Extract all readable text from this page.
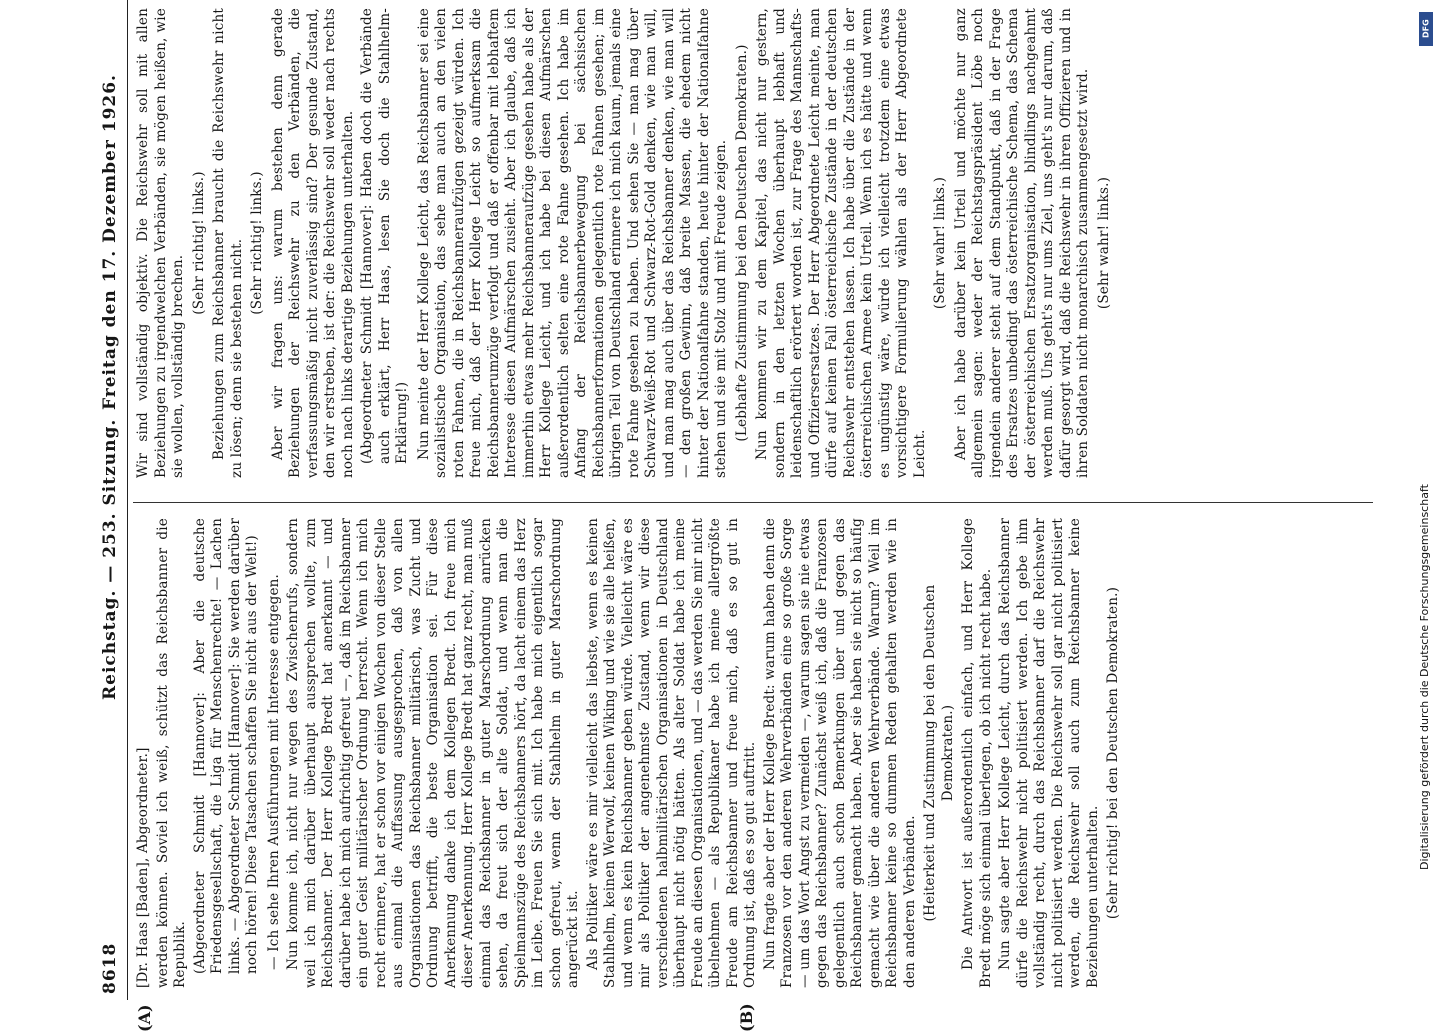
8618
Reichstag. — 253. Sitzung.
Freitag den 17. Dezember 1926.
(A)	(B)

[Dr. Haas [Baden], Abgeordneter.] werden können. Soviel ich weiß, schützt das Reichsbanner die Republik. (Abgeordneter Schmidt [Hannover]: Aber die deutsche Friedensgesellschaft, die Liga für Menschenrechte! — Lachen links. — Abgeordneter Schmidt [Hannover]: Sie werden darüber noch hören! Diese Tatsachen schaffen Sie nicht aus der Welt!) — Ich sehe Ihren Ausführungen mit Interesse entgegen. Nun komme ich, nicht nur wegen des Zwischenrufs, sondern weil ich mich darüber überhaupt aussprechen wollte, zum Reichsbanner. Der Herr Kollege Bredt hat anerkannt — und darüber habe ich mich aufrichtig gefreut —, daß im Reichsbanner ein guter Geist militärischer Ordnung herrscht. Wenn ich mich recht erinnere, hat er schon vor einigen Wochen von dieser Stelle aus einmal die Auffassung ausgesprochen, daß von allen Organisationen das Reichsbanner militärisch, was Zucht und Ordnung betrifft, die beste Organisation sei. Für diese Anerkennung danke ich dem Kollegen Bredt. Ich freue mich dieser Anerkennung. Herr Kollege Bredt hat ganz recht, man muß einmal das Reichsbanner in guter Marschordnung anrücken sehen, da freut sich der alte Soldat, und wenn man die Spielmannszüge des Reichsbanners hört, da lacht einem das Herz im Leibe. Freuen Sie sich mit. Ich habe mich eigentlich sogar schon gefreut, wenn der Stahlhelm in guter Marschordnung angerückt ist. Als Politiker wäre es mir vielleicht das liebste, wenn es keinen Stahlhelm, keinen Werwolf, keinen Wiking und wie sie alle heißen, und wenn es kein Reichsbanner geben würde. Vielleicht wäre es mir als Politiker der angenehmste Zustand, wenn wir diese verschiedenen halbmilitärischen Organisationen in Deutschland überhaupt nicht nötig hätten. Als alter Soldat habe ich meine Freude an diesen Organisationen, und — das werden Sie mir nicht übelnehmen — als Republikaner habe ich meine allergrößte Freude am Reichsbanner und freue mich, daß es so gut in Ordnung ist, daß es so gut auftritt. Nun fragte aber der Herr Kollege Bredt: warum haben denn die Franzosen vor den anderen Wehrverbänden eine so große Sorge — um das Wort Angst zu vermeiden —, warum sagen sie nie etwas gegen das Reichsbanner? Zunächst weiß ich, daß die Franzosen gelegentlich auch schon Bemerkungen über und gegen das Reichsbanner gemacht haben. Aber sie haben sie nicht so häufig gemacht wie über die anderen Wehrverbände. Warum? Weil im Reichsbanner keine so dummen Reden gehalten werden wie in den anderen Verbänden. (Heiterkeit und Zustimmung bei den Deutschen Demokraten.) Die Antwort ist außerordentlich einfach, und Herr Kollege Bredt möge sich einmal überlegen, ob ich nicht recht habe. Nun sagte aber Herr Kollege Leicht, durch das Reichsbanner dürfe die Reichswehr nicht politisiert werden. Ich gebe ihm vollständig recht, durch das Reichsbanner darf die Reichswehr nicht politisiert werden. Die Reichswehr soll gar nicht politisiert werden, die Reichswehr soll auch zum Reichsbanner keine Beziehungen unterhalten. (Sehr richtig! bei den Deutschen Demokraten.)

Wir sind vollständig objektiv. Die Reichswehr soll mit allen Beziehungen zu irgendwelchen Verbänden, sie mögen heißen, wie sie wollen, vollständig brechen.

(Sehr richtig! links.) Beziehungen zum Reichsbanner braucht die Reichswehr nicht zu lösen; denn sie bestehen nicht. (Sehr richtig! links.) Aber wir fragen uns: warum bestehen denn gerade Beziehungen der Reichswehr zu den Verbänden, die verfassungsmäßig nicht zuverlässig sind? Der gesunde Zustand, den wir erstreben, ist der: die Reichswehr soll weder nach rechts noch nach links derartige Beziehungen unterhalten. (Abgeordneter Schmidt [Hannover]: Haben doch die Verbände auch erklärt, Herr Haas, lesen Sie doch die Stahlhelm-Erklärung!) Nun meinte der Herr Kollege Leicht, das Reichsbanner sei eine sozialistische Organisation, das sehe man auch an den vielen roten Fahnen, die in Reichsbanneraufzügen gezeigt würden. Ich freue mich, daß der Herr Kollege Leicht so aufmerksam die Reichsbannerumzüge verfolgt und daß er offenbar mit lebhaftem Interesse diesen Aufmärschen zusieht. Aber ich glaube, daß ich immerhin etwas mehr Reichsbanneraufzüge gesehen habe als der Herr Kollege Leicht, und ich habe bei diesen Aufmärschen außerordentlich selten eine rote Fahne gesehen. Ich habe im Anfang der Reichsbannerbewegung bei sächsischen Reichsbannerformationen gelegentlich rote Fahnen gesehen; im übrigen Teil von Deutschland erinnere ich mich kaum, jemals eine rote Fahne gesehen zu haben. Und sehen Sie — man mag über Schwarz-Weiß-Rot und Schwarz-Rot-Gold denken, wie man will, und man mag auch über das Reichsbanner denken, wie man will — den großen Gewinn, daß breite Massen, die ehedem nicht hinter der Nationalfahne standen, heute hinter der Nationalfahne stehen und sie mit Stolz und mit Freude zeigen. (Lebhafte Zustimmung bei den Deutschen Demokraten.) Nun kommen wir zu dem Kapitel, das nicht nur gestern, sondern in den letzten Wochen überhaupt lebhaft und leidenschaftlich erörtert worden ist, zur Frage des Mannschafts- und Offiziersersatzes. Der Herr Abgeordnete Leicht meinte, man dürfe auf keinen Fall österreichische Zustände in der deutschen Reichswehr entstehen lassen. Ich habe über die Zustände in der österreichischen Armee kein Urteil. Wenn ich es hätte und wenn es ungünstig wäre, würde ich vielleicht trotzdem eine etwas vorsichtigere Formulierung wählen als der Herr Abgeordnete Leicht.

(Sehr wahr! links.) Aber ich habe darüber kein Urteil und möchte nur ganz allgemein sagen: weder der Reichstagspräsident Löbe noch irgendein anderer steht auf dem Standpunkt, daß in der Frage des Ersatzes unbedingt das österreichische Schema, das Schema der österreichischen Ersatzorganisation, blindlings nachgeahmt werden muß. Uns geht's nur ums Ziel, uns geht's nur darum, daß dafür gesorgt wird, daß die Reichswehr in ihren Offizieren und in ihren Soldaten nicht monarchisch zusammengesetzt wird. (Sehr wahr! links.)

DFG
Digitalisierung gefördert durch die Deutsche Forschungsgemeinschaft
